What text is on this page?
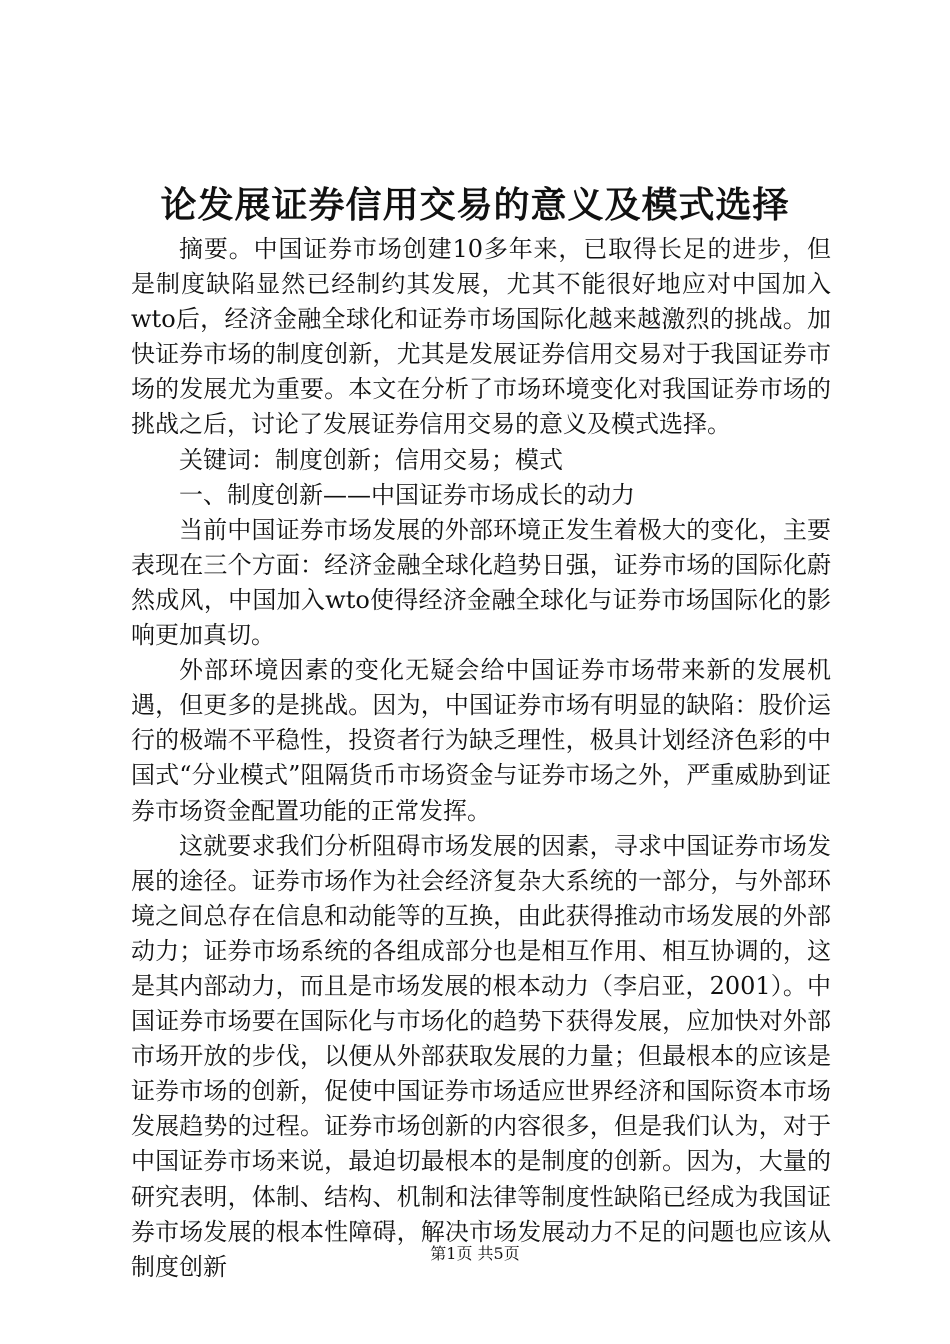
论发展证券信用交易的意义及模式选择

摘要。中国证券市场创建10多年来，已取得长足的进步，但是制度缺陷显然已经制约其发展，尤其不能很好地应对中国加入wto后，经济金融全球化和证券市场国际化越来越激烈的挑战。加快证券市场的制度创新，尤其是发展证券信用交易对于我国证券市场的发展尤为重要。本文在分析了市场环境变化对我国证券市场的挑战之后，讨论了发展证券信用交易的意义及模式选择。

关键词：制度创新；信用交易；模式

一、制度创新——中国证券市场成长的动力

当前中国证券市场发展的外部环境正发生着极大的变化，主要表现在三个方面：经济金融全球化趋势日强，证券市场的国际化蔚然成风，中国加入wto使得经济金融全球化与证券市场国际化的影响更加真切。

外部环境因素的变化无疑会给中国证券市场带来新的发展机遇，但更多的是挑战。因为，中国证券市场有明显的缺陷：股价运行的极端不平稳性，投资者行为缺乏理性，极具计划经济色彩的中国式“分业模式”阻隔货币市场资金与证券市场之外，严重威胁到证券市场资金配置功能的正常发挥。

这就要求我们分析阻碍市场发展的因素，寻求中国证券市场发展的途径。证券市场作为社会经济复杂大系统的一部分，与外部环境之间总存在信息和动能等的互换，由此获得推动市场发展的外部动力；证券市场系统的各组成部分也是相互作用、相互协调的，这是其内部动力，而且是市场发展的根本动力（李启亚，2001）。中国证券市场要在国际化与市场化的趋势下获得发展，应加快对外部市场开放的步伐，以便从外部获取发展的力量；但最根本的应该是证券市场的创新，促使中国证券市场适应世界经济和国际资本市场发展趋势的过程。证券市场创新的内容很多，但是我们认为，对于中国证券市场来说，最迫切最根本的是制度的创新。因为，大量的研究表明，体制、结构、机制和法律等制度性缺陷已经成为我国证券市场发展的根本性障碍，解决市场发展动力不足的问题也应该从制度创新	第1页 共5页
